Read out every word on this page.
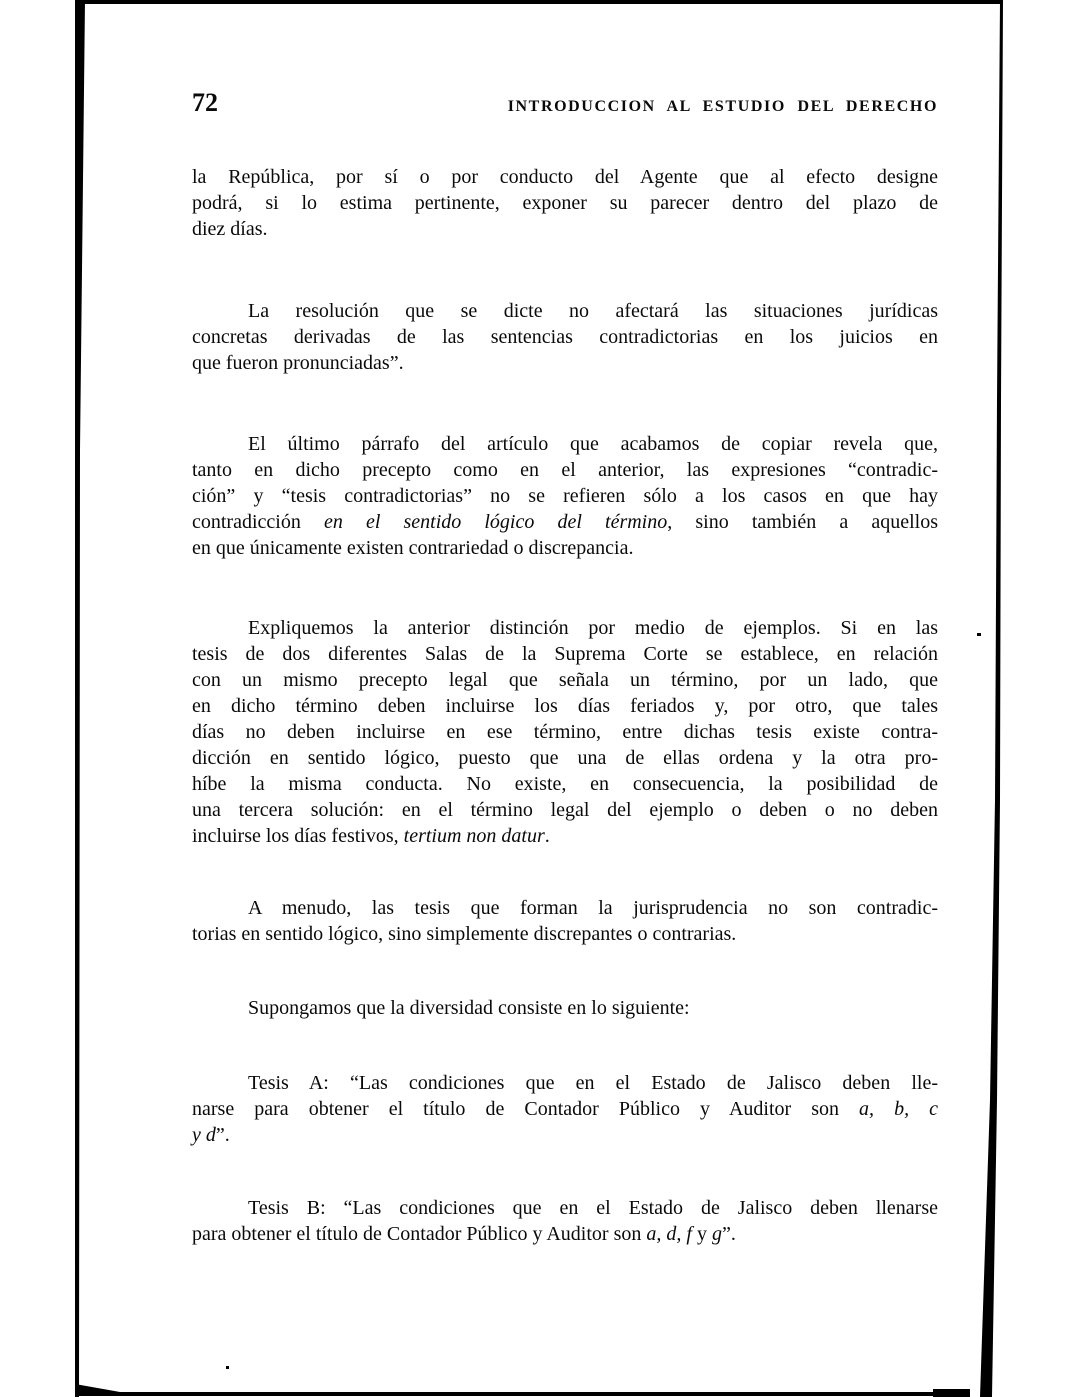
72	INTRODUCCION AL ESTUDIO DEL DERECHO

la República, por sí o por conducto del Agente que al efecto designe
podrá, si lo estima pertinente, exponer su parecer dentro del plazo de
diez días.

La resolución que se dicte no afectará las situaciones jurídicas
concretas derivadas de las sentencias contradictorias en los juicios en
que fueron pronunciadas”.

El último párrafo del artículo que acabamos de copiar revela que,
tanto en dicho precepto como en el anterior, las expresiones “contradic-
ción” y “tesis contradictorias” no se refieren sólo a los casos en que hay
contradicción en el sentido lógico del término, sino también a aquellos
en que únicamente existen contrariedad o discrepancia.

Expliquemos la anterior distinción por medio de ejemplos. Si en las
tesis de dos diferentes Salas de la Suprema Corte se establece, en relación
con un mismo precepto legal que señala un término, por un lado, que
en dicho término deben incluirse los días feriados y, por otro, que tales
días no deben incluirse en ese término, entre dichas tesis existe contra-
dicción en sentido lógico, puesto que una de ellas ordena y la otra pro-
híbe la misma conducta. No existe, en consecuencia, la posibilidad de
una tercera solución: en el término legal del ejemplo o deben o no deben
incluirse los días festivos, tertium non datur.

A menudo, las tesis que forman la jurisprudencia no son contradic-
torias en sentido lógico, sino simplemente discrepantes o contrarias.

Supongamos que la diversidad consiste en lo siguiente:

Tesis A: “Las condiciones que en el Estado de Jalisco deben lle-
narse para obtener el título de Contador Público y Auditor son a, b, c
y d”.

Tesis B: “Las condiciones que en el Estado de Jalisco deben llenarse
para obtener el título de Contador Público y Auditor son a, d, f y g”.
